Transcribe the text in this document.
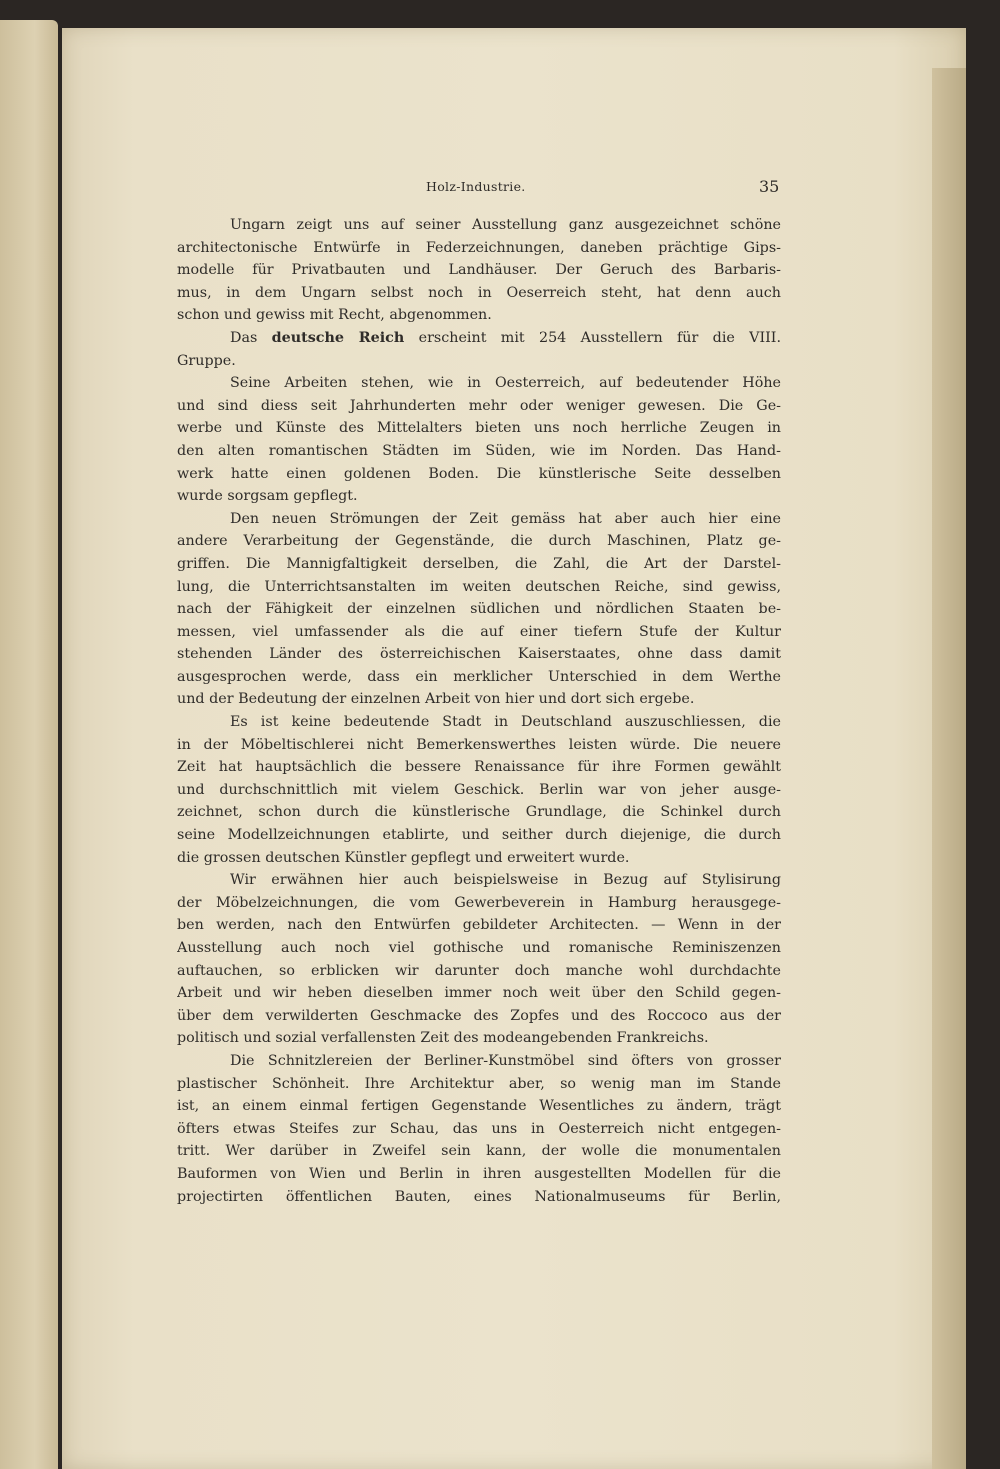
Holz-Industrie.	35
Ungarn zeigt uns auf seiner Ausstellung ganz ausgezeichnet schöne
architectonische Entwürfe in Federzeichnungen, daneben prächtige Gips-
modelle für Privatbauten und Landhäuser. Der Geruch des Barbaris-
mus, in dem Ungarn selbst noch in Oeserreich steht, hat denn auch
schon und gewiss mit Recht, abgenommen.
Das deutsche Reich erscheint mit 254 Ausstellern für die VIII.
Gruppe.
Seine Arbeiten stehen, wie in Oesterreich, auf bedeutender Höhe
und sind diess seit Jahrhunderten mehr oder weniger gewesen. Die Ge-
werbe und Künste des Mittelalters bieten uns noch herrliche Zeugen in
den alten romantischen Städten im Süden, wie im Norden. Das Hand-
werk hatte einen goldenen Boden. Die künstlerische Seite desselben
wurde sorgsam gepflegt.
Den neuen Strömungen der Zeit gemäss hat aber auch hier eine
andere Verarbeitung der Gegenstände, die durch Maschinen, Platz ge-
griffen. Die Mannigfaltigkeit derselben, die Zahl, die Art der Darstel-
lung, die Unterrichtsanstalten im weiten deutschen Reiche, sind gewiss,
nach der Fähigkeit der einzelnen südlichen und nördlichen Staaten be-
messen, viel umfassender als die auf einer tiefern Stufe der Kultur
stehenden Länder des österreichischen Kaiserstaates, ohne dass damit
ausgesprochen werde, dass ein merklicher Unterschied in dem Werthe
und der Bedeutung der einzelnen Arbeit von hier und dort sich ergebe.
Es ist keine bedeutende Stadt in Deutschland auszuschliessen, die
in der Möbeltischlerei nicht Bemerkenswerthes leisten würde. Die neuere
Zeit hat hauptsächlich die bessere Renaissance für ihre Formen gewählt
und durchschnittlich mit vielem Geschick. Berlin war von jeher ausge-
zeichnet, schon durch die künstlerische Grundlage, die Schinkel durch
seine Modellzeichnungen etablirte, und seither durch diejenige, die durch
die grossen deutschen Künstler gepflegt und erweitert wurde.
Wir erwähnen hier auch beispielsweise in Bezug auf Stylisirung
der Möbelzeichnungen, die vom Gewerbeverein in Hamburg herausgege-
ben werden, nach den Entwürfen gebildeter Architecten. — Wenn in der
Ausstellung auch noch viel gothische und romanische Reminiszenzen
auftauchen, so erblicken wir darunter doch manche wohl durchdachte
Arbeit und wir heben dieselben immer noch weit über den Schild gegen-
über dem verwilderten Geschmacke des Zopfes und des Roccoco aus der
politisch und sozial verfallensten Zeit des modeangebenden Frankreichs.
Die Schnitzlereien der Berliner-Kunstmöbel sind öfters von grosser
plastischer Schönheit. Ihre Architektur aber, so wenig man im Stande
ist, an einem einmal fertigen Gegenstande Wesentliches zu ändern, trägt
öfters etwas Steifes zur Schau, das uns in Oesterreich nicht entgegen-
tritt. Wer darüber in Zweifel sein kann, der wolle die monumentalen
Bauformen von Wien und Berlin in ihren ausgestellten Modellen für die
projectirten öffentlichen Bauten, eines Nationalmuseums für Berlin,
